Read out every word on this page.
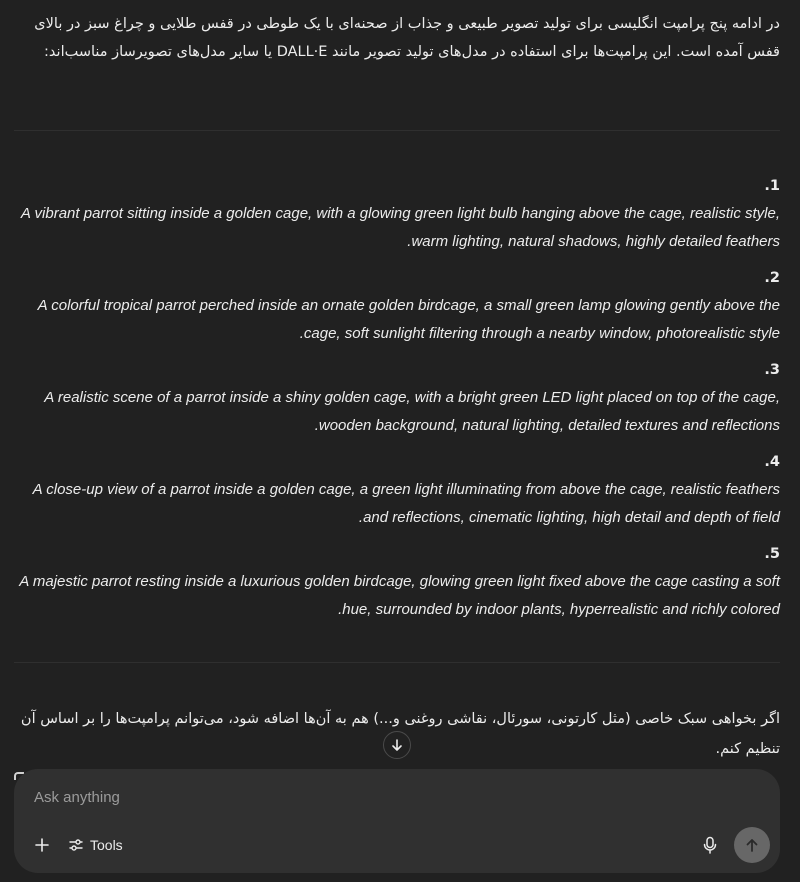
در ادامه پنج پرامپت انگلیسی برای تولید تصویر طبیعی و جذاب از صحنه‌ای با یک طوطی در قفس طلایی و چراغ سبز در بالای قفس آمده است. این پرامپت‌ها برای استفاده در مدل‌های تولید تصویر مانند DALL·E یا سایر مدل‌های تصویرساز مناسب‌اند:
1.
A vibrant parrot sitting inside a golden cage, with a glowing green light bulb hanging above the cage, realistic style, warm lighting, natural shadows, highly detailed feathers.
2.
A colorful tropical parrot perched inside an ornate golden birdcage, a small green lamp glowing gently above the cage, soft sunlight filtering through a nearby window, photorealistic style.
3.
A realistic scene of a parrot inside a shiny golden cage, with a bright green LED light placed on top of the cage, wooden background, natural lighting, detailed textures and reflections.
4.
A close-up view of a parrot inside a golden cage, a green light illuminating from above the cage, realistic feathers and reflections, cinematic lighting, high detail and depth of field.
5.
A majestic parrot resting inside a luxurious golden birdcage, glowing green light fixed above the cage casting a soft hue, surrounded by indoor plants, hyperrealistic and richly colored.
اگر بخواهی سبک خاصی (مثل کارتونی، سورئال، نقاشی روغنی و...) هم به آن‌ها اضافه شود، می‌توانم پرامپت‌ها را بر اساس آن تنظیم کنم.
Ask anything
Tools
